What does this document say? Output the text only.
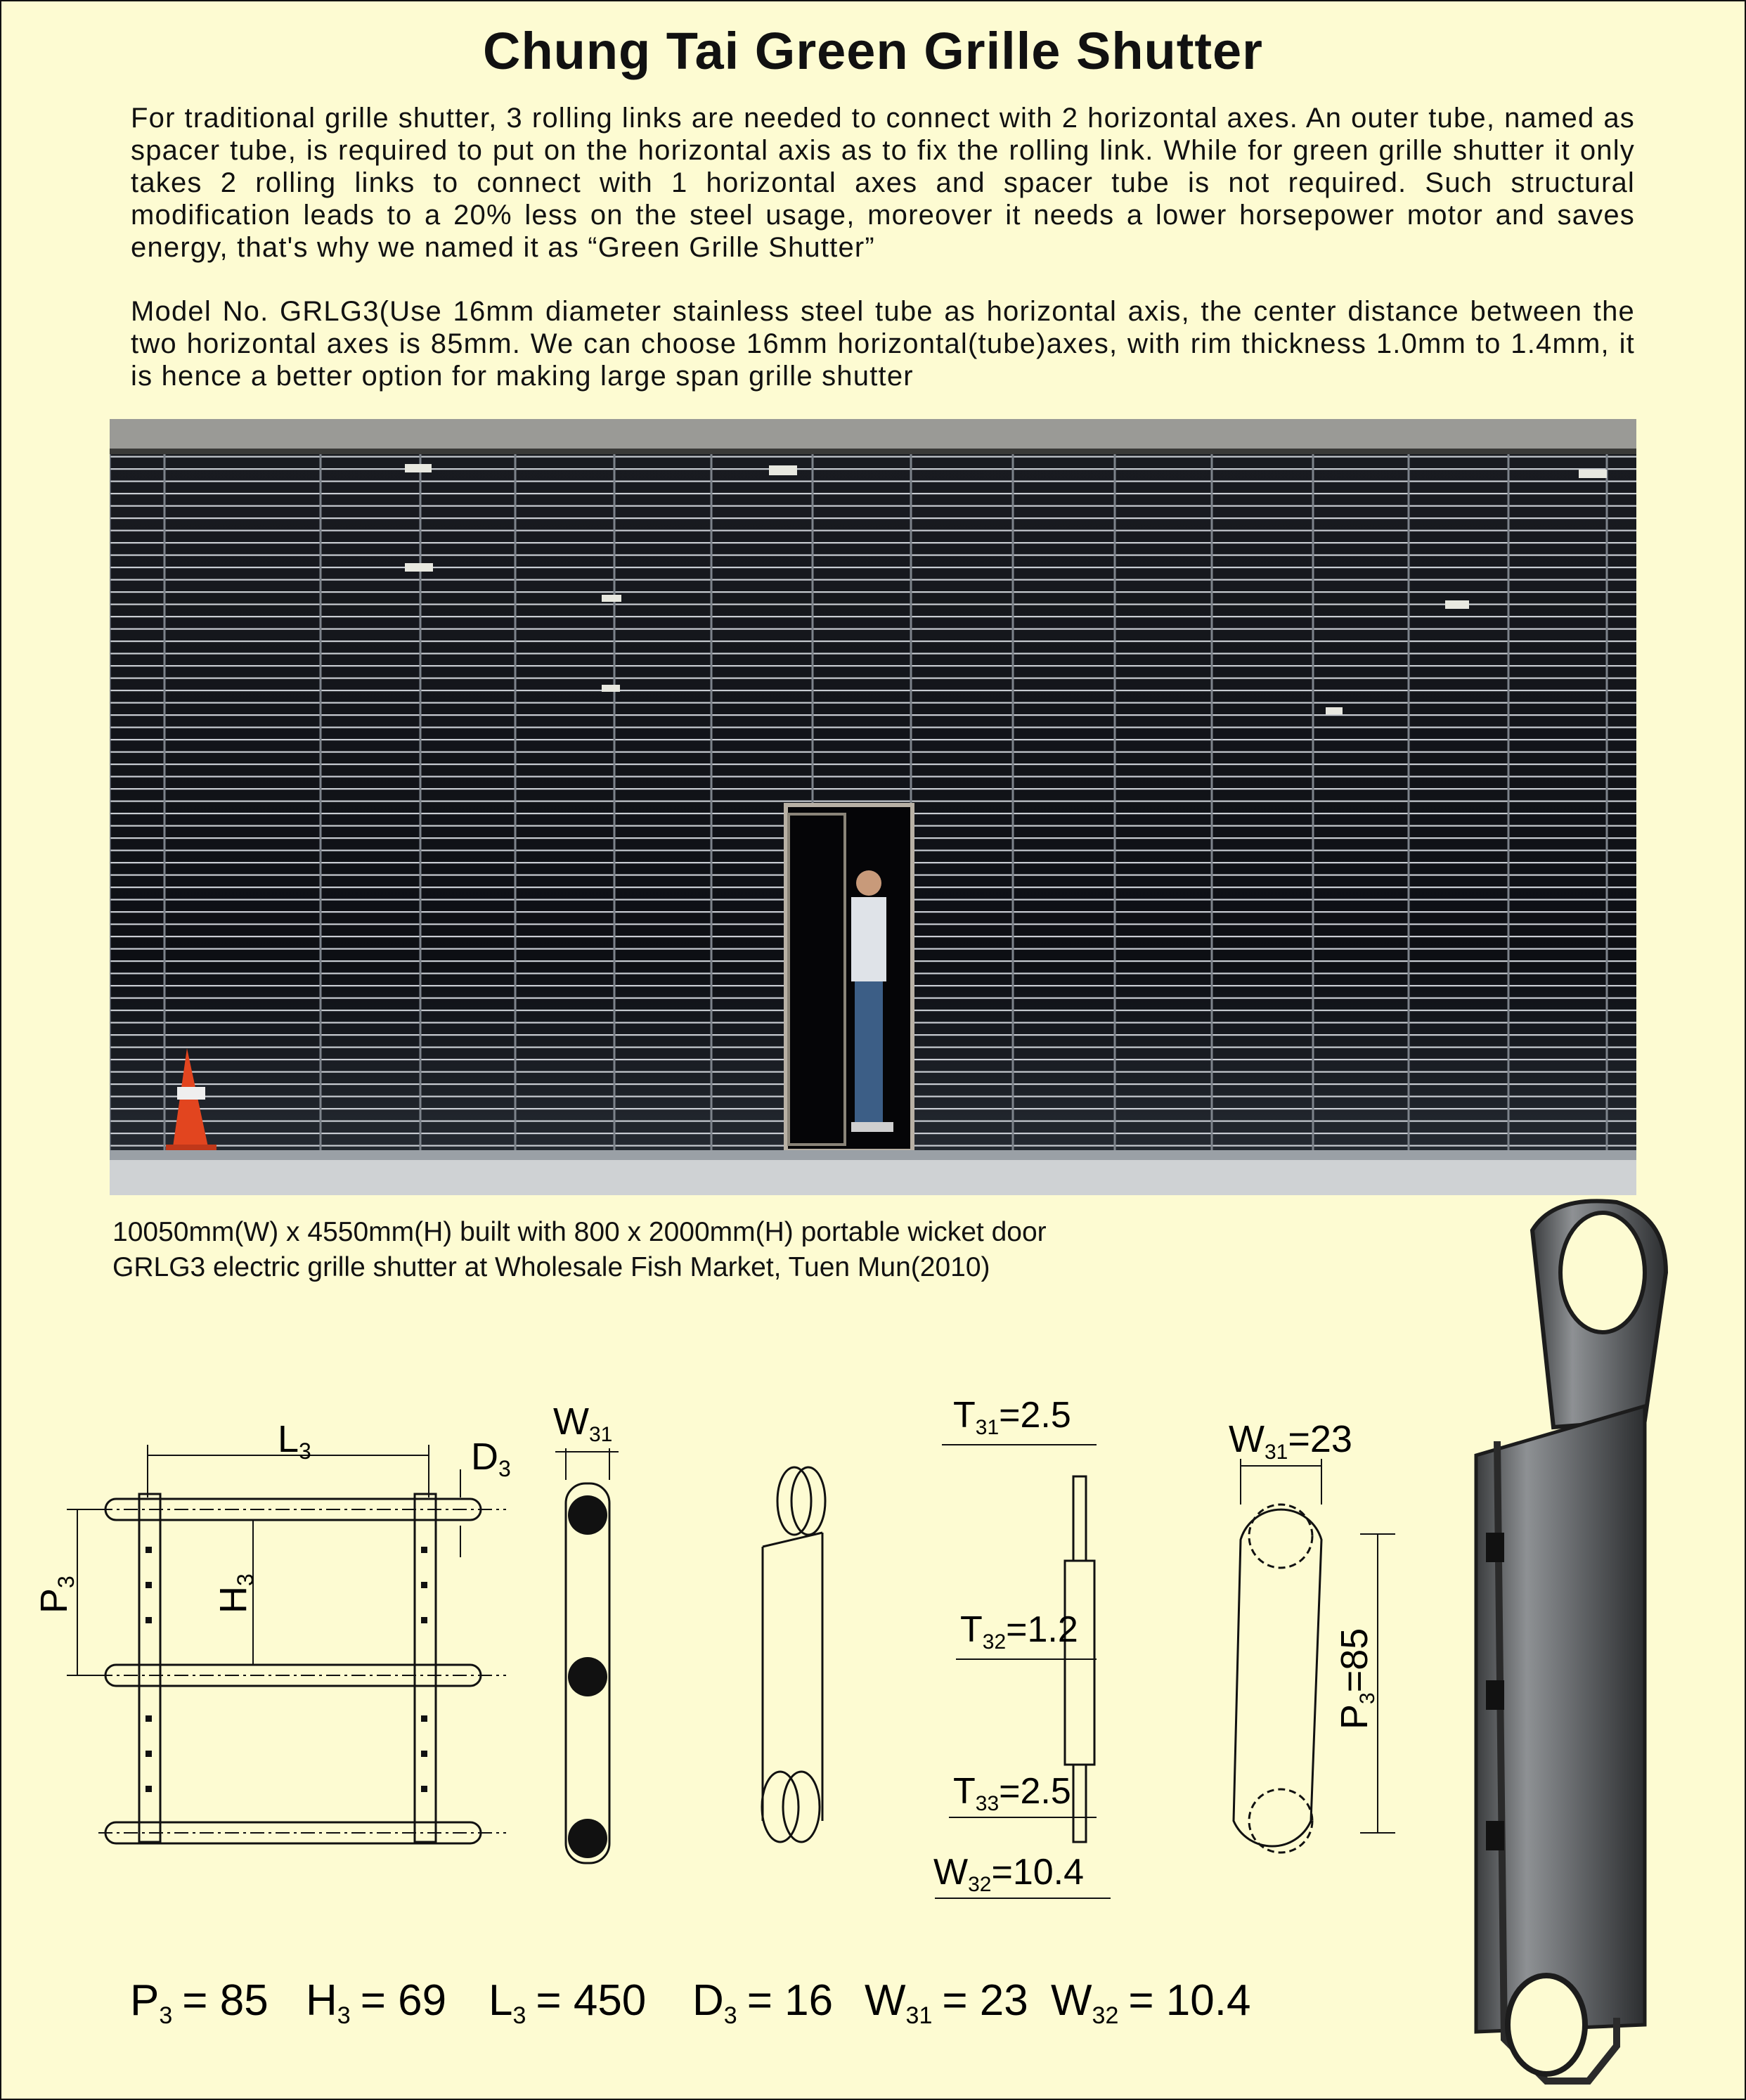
Chung Tai Green Grille Shutter

For traditional grille shutter, 3 rolling links are needed to connect with 2 horizontal axes. An outer tube, named as spacer tube, is required to put on the horizontal axis as to fix the rolling link. While for green grille shutter it only takes 2 rolling links to connect with 1 horizontal axes and spacer tube is not required. Such structural modification leads to a 20% less on the steel usage, moreover it needs a lower horsepower motor and saves energy, that's why we named it as “Green Grille Shutter”

Model No. GRLG3(Use 16mm diameter stainless steel tube as horizontal axis, the center distance between the two horizontal axes is 85mm. We can choose 16mm horizontal(tube)axes, with rim thickness 1.0mm to 1.4mm, it is hence a better option for making large span grille shutter

10050mm(W) x 4550mm(H) built with 800 x 2000mm(H) portable wicket door
GRLG3 electric grille shutter at Wholesale Fish Market, Tuen Mun(2010)
L3	D3
P3
H3
W31	T31=2.5
T32=1.2
T33=2.5
W32=10.4
W31=23
P3=85
P3 = 85 H3 = 69 L3 = 450 D3 = 16 W31 = 23 W32 = 10.4
